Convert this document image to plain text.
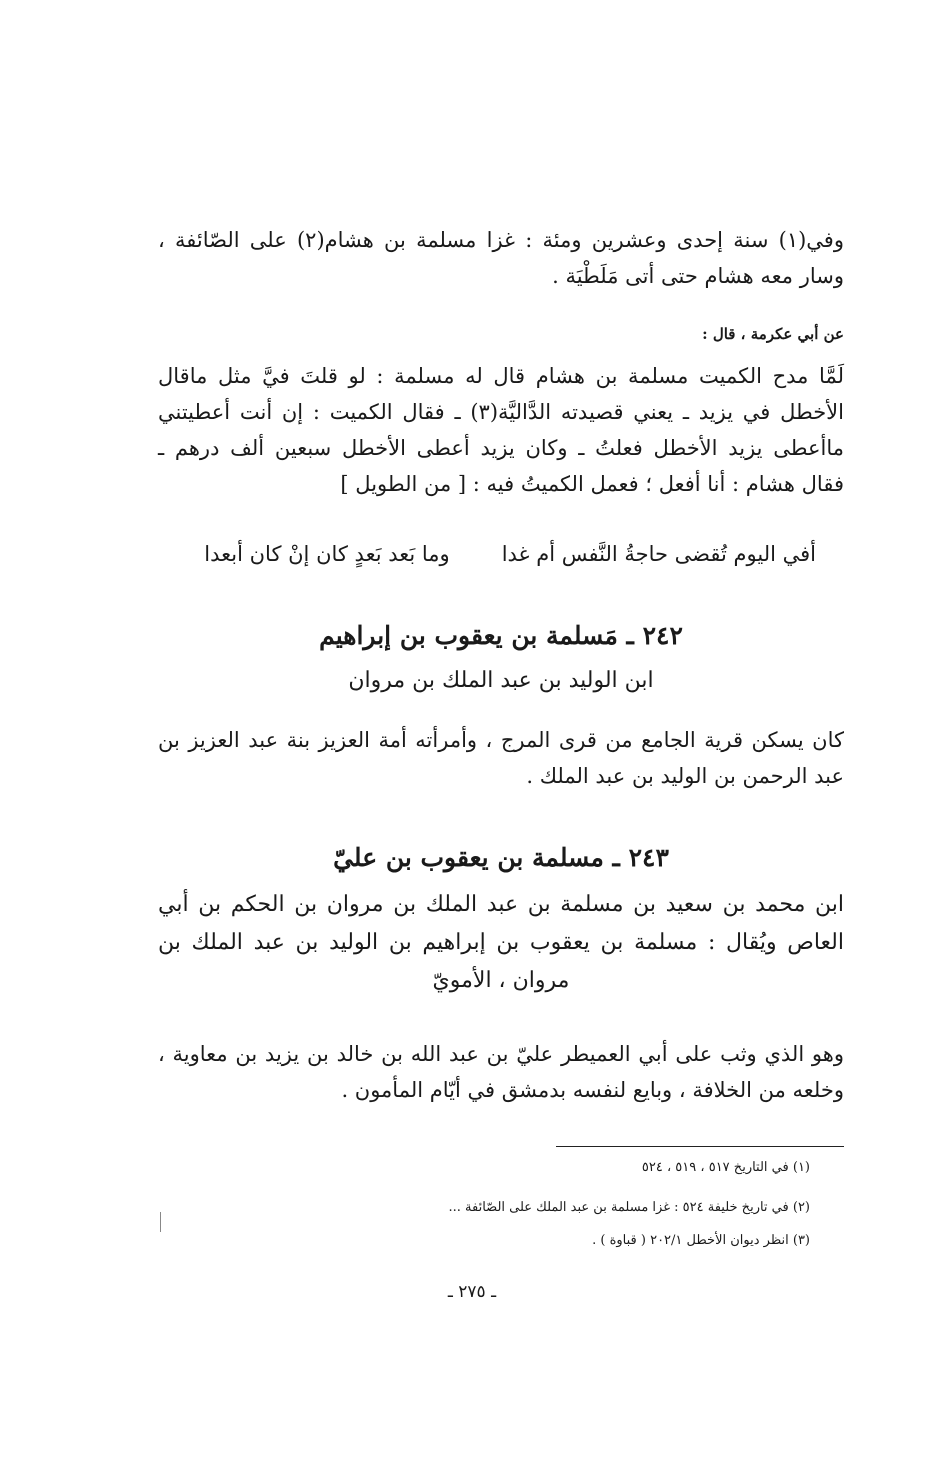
وفي(١) سنة إحدى وعشرين ومئة : غزا مسلمة بن هشام(٢) على الصّائفة ، وسار معه هشام حتى أتى مَلَطْيَة .

عن أبي عكرمة ، قال :

لَمَّا مدح الكميت مسلمة بن هشام قال له مسلمة : لو قلتَ فيَّ مثل ماقال الأخطل في يزيد ـ يعني قصيدته الدَّاليَّة(٣) ـ فقال الكميت : إن أنت أعطيتني ماأعطى يزيد الأخطل فعلتُ ـ وكان يزيد أعطى الأخطل سبعين ألف درهم ـ فقال هشام : أنا أفعل ؛ فعمل الكميتُ فيه : [ من الطويل ]

أفي اليوم تُقضى حاجةُ النَّفس أم غدا
وما بَعد بَعدٍ كان إنْ كان أبعدا
٢٤٢ ـ مَسلمة بن يعقوب بن إبراهيم

ابن الوليد بن عبد الملك بن مروان

كان يسكن قرية الجامع من قرى المرج ، وأمرأته أمة العزيز بنة عبد العزيز بن عبد الرحمن بن الوليد بن عبد الملك .

٢٤٣ ـ مسلمة بن يعقوب بن عليّ

ابن محمد بن سعيد بن مسلمة بن عبد الملك بن مروان بن الحكم بن أبي العاص ويُقال : مسلمة بن يعقوب بن إبراهيم بن الوليد بن عبد الملك بن مروان ، الأمويّ

وهو الذي وثب على أبي العميطر عليّ بن عبد الله بن خالد بن يزيد بن معاوية ، وخلعه من الخلافة ، وبايع لنفسه بدمشق في أيّام المأمون .

(١) في التاريخ ٥١٧ ، ٥١٩ ، ٥٢٤

(٢) في تاريخ خليفة ٥٢٤ : غزا مسلمة بن عبد الملك على الصّائفة ...

(٣) انظر ديوان الأخطل ٢٠٢/١ ( قباوة ) .

ـ ٢٧٥ ـ
